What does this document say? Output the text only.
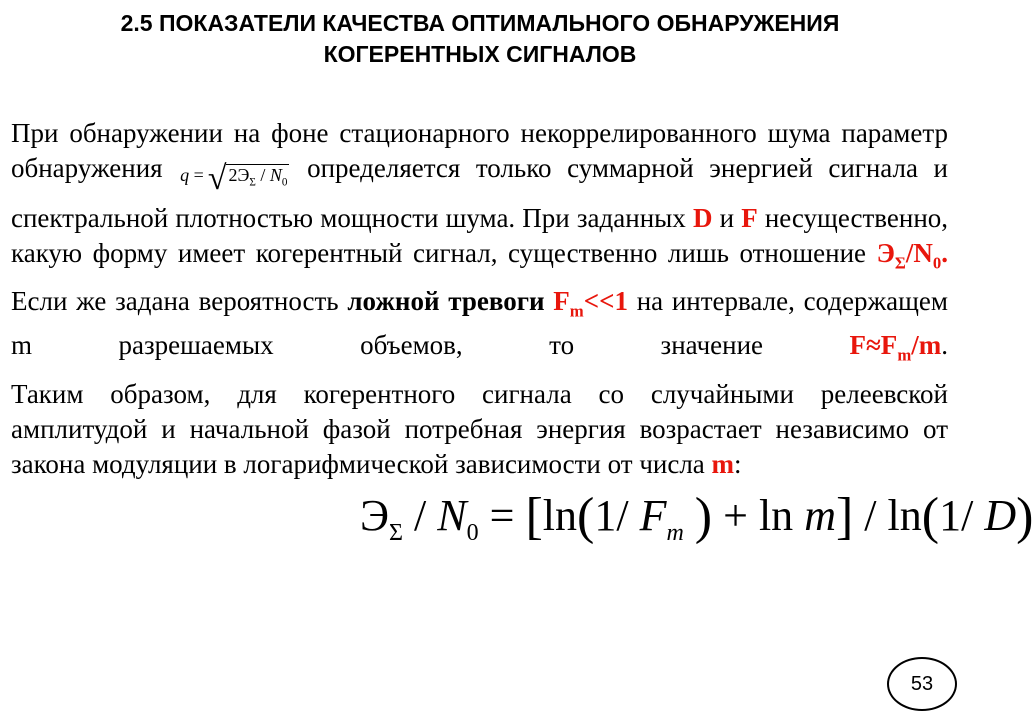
2.5 ПОКАЗАТЕЛИ КАЧЕСТВА ОПТИМАЛЬНОГО ОБНАРУЖЕНИЯ
КОГЕРЕНТНЫХ СИГНАЛОВ

При обнаружении на фоне стационарного некоррелированного шума параметр обнаружения q = √ $2Э_\Sigma / N_0$ определяется только суммарной энергией сигнала и спектральной плотностью мощности шума. При заданных D и F несущественно, какую форму имеет когерентный сигнал, существенно лишь отношение $Э_\Sigma/N_0$.

Если же задана вероятность ложной тревоги $F_m<<1$ на интервале, содержащем m разрешаемых объемов, то значение	$F\approx F_m/m$.

Таким образом, для когерентного сигнала со случайными релеевской амплитудой и начальной фазой потребная энергия возрастает независимо от закона модуляции в логарифмической зависимости от числа m:

$Э_\Sigma / N_0 = [\ln(1/$ $F_m$ ) + ln m] / ln(1/ D)
53
